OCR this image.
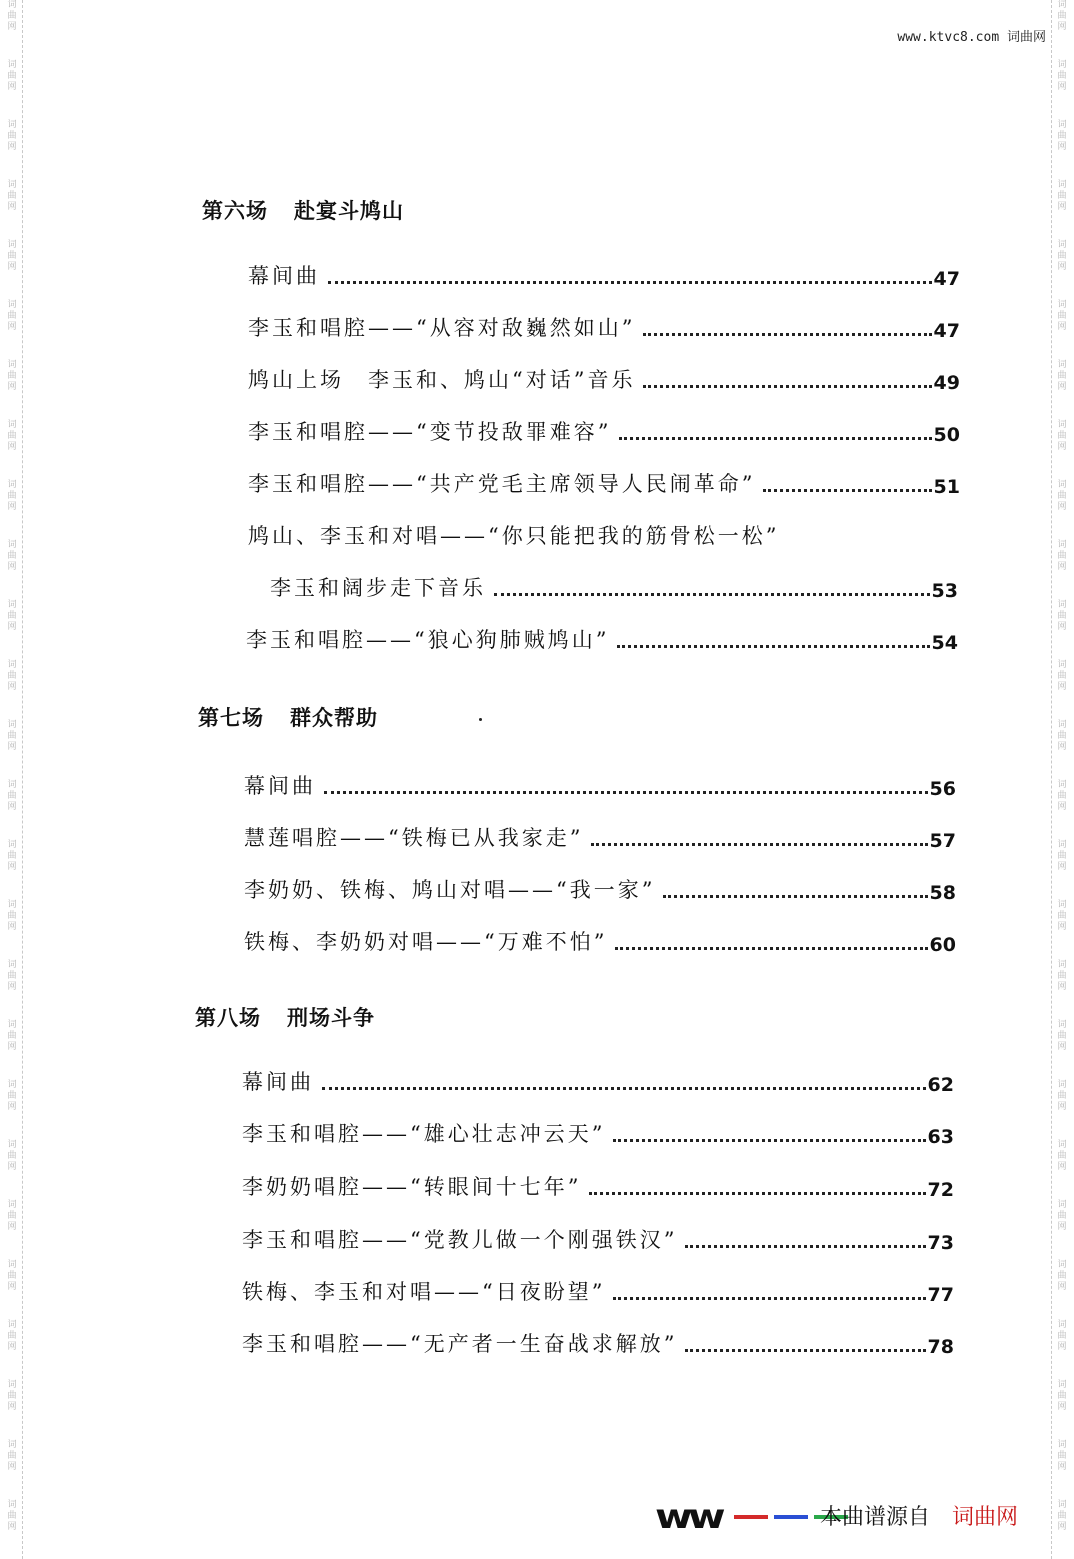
词曲网
词曲网
词曲网
词曲网
词曲网
词曲网
词曲网
词曲网
词曲网
词曲网
词曲网
词曲网
词曲网
词曲网
词曲网
词曲网
词曲网
词曲网
词曲网
词曲网
词曲网
词曲网
词曲网
词曲网
词曲网
词曲网
词曲网
词曲网
词曲网
词曲网
词曲网
词曲网
词曲网
词曲网
词曲网
词曲网
词曲网
词曲网
词曲网
词曲网
词曲网
词曲网
词曲网
词曲网
词曲网
词曲网
词曲网
词曲网
词曲网
词曲网
词曲网
词曲网
www.ktvc8.com 词曲网
第六场 赴宴斗鸠山
幕间曲	47
李玉和唱腔——“从容对敌巍然如山”	47
鸠山上场　李玉和、鸠山“对话”音乐	49
李玉和唱腔——“变节投敌罪难容”	50
李玉和唱腔——“共产党毛主席领导人民闹革命”	51
鸠山、李玉和对唱——“你只能把我的筋骨松一松”
李玉和阔步走下音乐	53
李玉和唱腔——“狼心狗肺贼鸠山”	54
第七场 群众帮助
幕间曲	56
慧莲唱腔——“铁梅已从我家走”	57
李奶奶、铁梅、鸠山对唱——“我一家”	58
铁梅、李奶奶对唱——“万难不怕”	60
第八场 刑场斗争
幕间曲	62
李玉和唱腔——“雄心壮志冲云天”	63
李奶奶唱腔——“转眼间十七年”	72
李玉和唱腔——“党教儿做一个刚强铁汉”	73
铁梅、李玉和对唱——“日夜盼望”	77
李玉和唱腔——“无产者一生奋战求解放”	78
ww	本曲谱源自 词曲网
